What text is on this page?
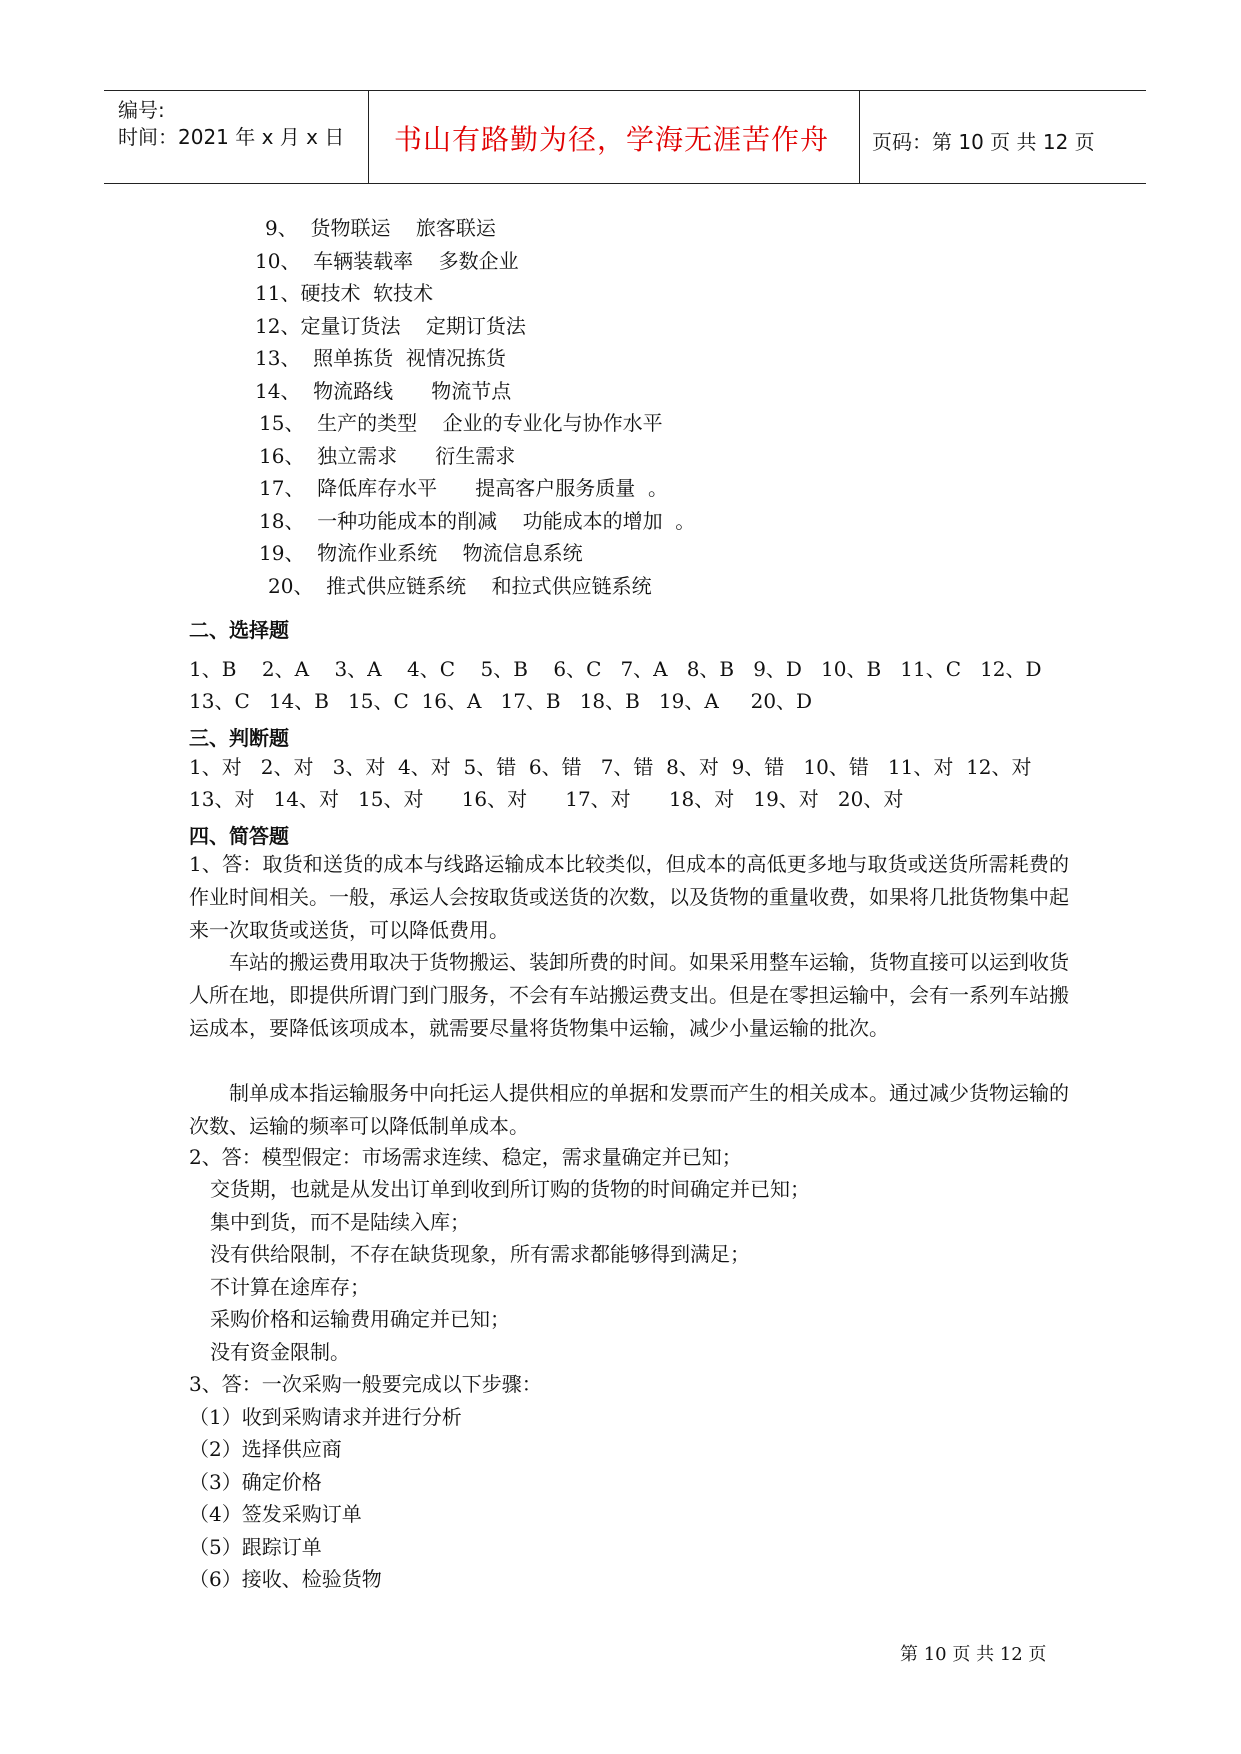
编号:
时间：2021 年 x 月 x 日 书山有路勤为径，学海无涯苦作舟 页码：第 10 页 共 12 页
9、  货物联运    旅客联运
10、  车辆装载率    多数企业
11、硬技术  软技术
12、定量订货法    定期订货法
13、  照单拣货  视情况拣货
14、  物流路线      物流节点
15、  生产的类型    企业的专业化与协作水平
16、  独立需求      衍生需求
17、  降低库存水平      提高客户服务质量  。
18、  一种功能成本的削减    功能成本的增加  。
19、  物流作业系统    物流信息系统
20、  推式供应链系统    和拉式供应链系统
二、选择题
1、B    2、A    3、A    4、C    5、B    6、C   7、A   8、B   9、D   10、B   11、C   12、D
13、C   14、B   15、C  16、A   17、B   18、B   19、A     20、D
三、判断题
1、对   2、对   3、对  4、对  5、错  6、错   7、错  8、对  9、错   10、错   11、对  12、对
13、对   14、对   15、对      16、对      17、对      18、对   19、对   20、对
四、简答题
1、答：取货和送货的成本与线路运输成本比较类似，但成本的高低更多地与取货或送货所需耗费的作业时间相关。一般，承运人会按取货或送货的次数，以及货物的重量收费，如果将几批货物集中起来一次取货或送货，可以降低费用。
车站的搬运费用取决于货物搬运、装卸所费的时间。如果采用整车运输，货物直接可以运到收货人所在地，即提供所谓门到门服务，不会有车站搬运费支出。但是在零担运输中，会有一系列车站搬运成本，要降低该项成本，就需要尽量将货物集中运输，减少小量运输的批次。
制单成本指运输服务中向托运人提供相应的单据和发票而产生的相关成本。通过减少货物运输的次数、运输的频率可以降低制单成本。
2、答：模型假定：市场需求连续、稳定，需求量确定并已知；
交货期，也就是从发出订单到收到所订购的货物的时间确定并已知；
集中到货，而不是陆续入库；
没有供给限制，不存在缺货现象，所有需求都能够得到满足；
不计算在途库存；
采购价格和运输费用确定并已知；
没有资金限制。
3、答：一次采购一般要完成以下步骤：
（1）收到采购请求并进行分析
（2）选择供应商
（3）确定价格
（4）签发采购订单
（5）跟踪订单
（6）接收、检验货物
第 10 页 共 12 页
